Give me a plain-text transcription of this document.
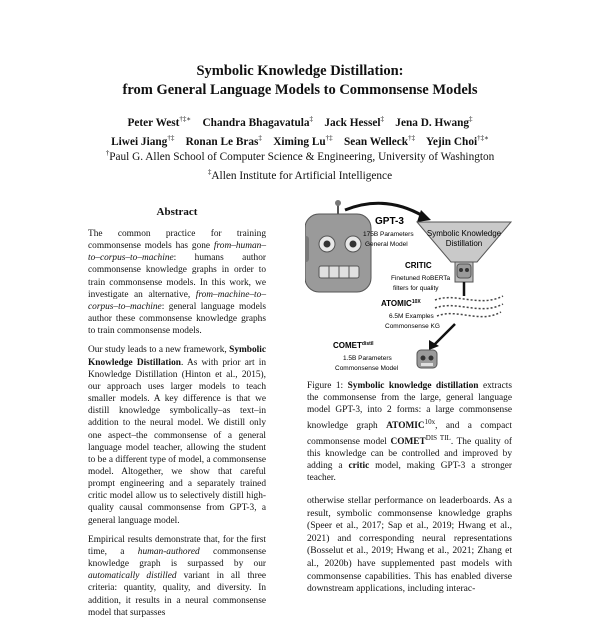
Symbolic Knowledge Distillation:
from General Language Models to Commonsense Models
Peter West†‡∗ Chandra Bhagavatula‡ Jack Hessel‡ Jena D. Hwang‡
Liwei Jiang†‡ Ronan Le Bras‡ Ximing Lu†‡ Sean Welleck†‡ Yejin Choi†‡∗
†Paul G. Allen School of Computer Science & Engineering, University of Washington
‡Allen Institute for Artificial Intelligence
Abstract

The common practice for training commonsense models has gone from–human–to–corpus–to–machine: humans author commonsense knowledge graphs in order to train commonsense models. In this work, we investigate an alternative, from–machine–to–corpus–to–machine: general language models author these commonsense knowledge graphs to train commonsense models.

Our study leads to a new framework, Symbolic Knowledge Distillation. As with prior art in Knowledge Distillation (Hinton et al., 2015), our approach uses larger models to teach smaller models. A key difference is that we distill knowledge symbolically–as text–in addition to the neural model. We distill only one aspect–the commonsense of a general language model teacher, allowing the student to be a different type of model, a commonsense model. Altogether, we show that careful prompt engineering and a separately trained critic model allow us to selectively distill high-quality causal commonsense from GPT-3, a general language model.

Empirical results demonstrate that, for the first time, a human-authored commonsense knowledge graph is surpassed by our automatically distilled variant in all three criteria: quantity, quality, and diversity. In addition, it results in a neural commonsense model that surpasses

GPT-3
175B Parameters
General Model
Symbolic Knowledge
Distillation
CRITIC
Finetuned RoBERTa
filters for quality
$ATOMIC^{10X}$
6.5M Examples
Commonsense KG
$COMET^{distil}$
1.5B Parameters
Commonsense Model
Figure 1: Symbolic knowledge distillation extracts the commonsense from the large, general language model GPT-3, into 2 forms: a large commonsense knowledge graph $ATOMIC^{10x}$, and a compact commonsense model $COMET^{DIS TIL}$. The quality of this knowledge can be controlled and improved by adding a critic model, making GPT-3 a stronger teacher.
otherwise stellar performance on leaderboards. As a result, symbolic commonsense knowledge graphs (Speer et al., 2017; Sap et al., 2019; Hwang et al., 2021) and corresponding neural representations (Bosselut et al., 2019; Hwang et al., 2021; Zhang et al., 2020b) have supplemented past models with commonsense capabilities. This has enabled diverse downstream applications, including interac-
